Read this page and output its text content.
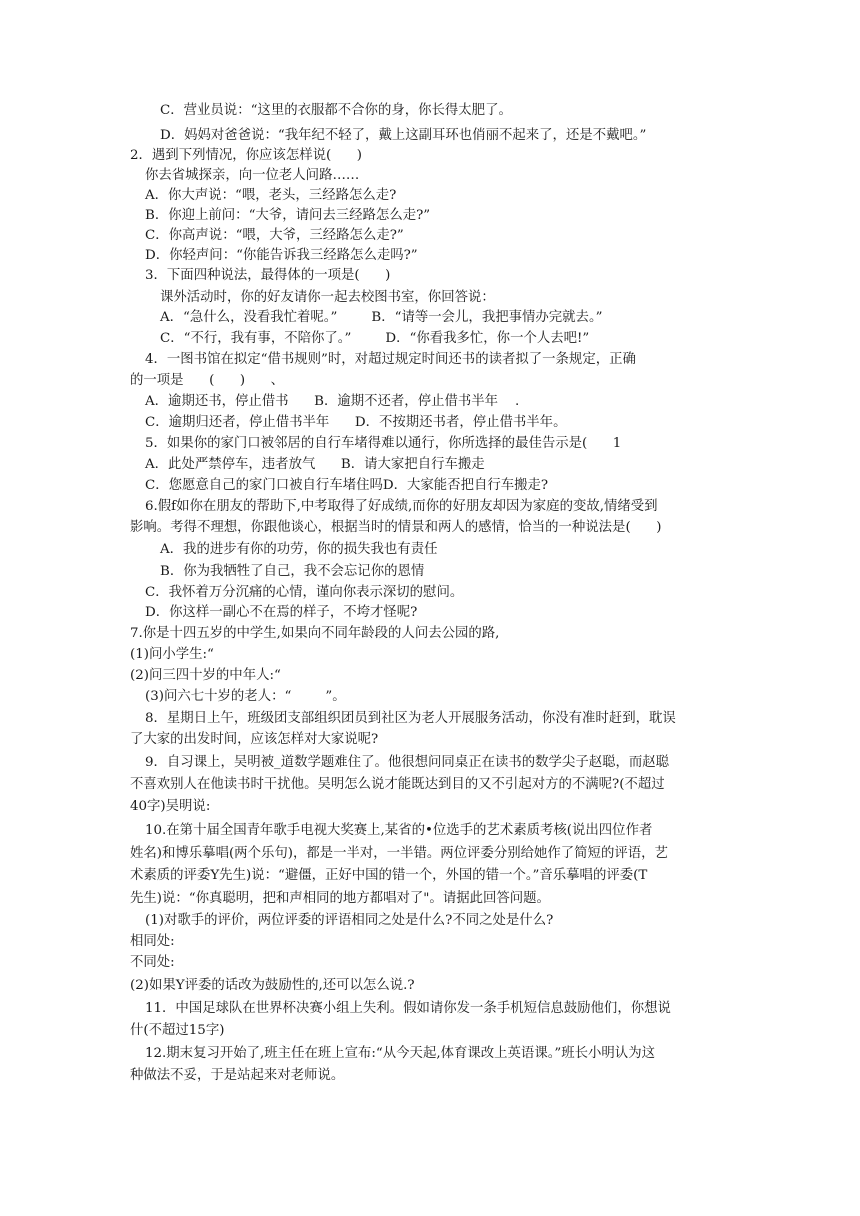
C．营业员说：“这里的衣服都不合你的身，你长得太肥了。
D．妈妈对爸爸说：“我年纪不轻了，戴上这副耳环也俏丽不起来了，还是不戴吧。”
2．遇到下列情况，你应该怎样说(      )
你去省城探亲，向一位老人问路……
A．你大声说：“喂，老头，三经路怎么走?
B．你迎上前问：“大爷，请问去三经路怎么走?”
C．你高声说：“喂，大爷，三经路怎么走?”
D．你轻声问：“你能告诉我三经路怎么走吗?”
3．下面四种说法，最得体的一项是(      )
课外活动时，你的好友请你一起去校图书室，你回答说：
A．“急什么，没看我忙着呢。”        B．“请等一会儿，我把事情办完就去。”
C．“不行，我有事，不陪你了。”        D．“你看我多忙，你一个人去吧!”
4．一图书馆在拟定“借书规则”时，对超过规定时间还书的读者拟了一条规定，正确
的一项是      (      )      、
A．逾期还书，停止借书      B．逾期不还者，停止借书半年    .
C．逾期归还者，停止借书半年      D．不按期还书者，停止借书半年。
5．如果你的家门口被邻居的自行车堵得难以通行，你所选择的最佳告示是(      1
A．此处严禁停车，违者放气      B．请大家把自行车搬走
C．您愿意自己的家门口被自行车堵住吗D．大家能否把自行车搬走?
6.假f如你在朋友的帮助下,中考取得了好成绩,而你的好朋友却因为家庭的变故,情绪受到
影响。考得不理想，你跟他谈心，根据当时的情景和两人的感情，恰当的一种说法是(      )
A．我的进步有你的功劳，你的损失我也有责任
B．你为我牺牲了自己，我不会忘记你的恩情
C．我怀着万分沉痛的心情，谨向你表示深切的慰问。
D．你这样一副心不在焉的样子，不垮才怪呢?
7.你是十四五岁的中学生,如果向不同年龄段的人问去公园的路,
(1)问小学生:“
(2)问三四十岁的中年人:“
(3)问六七十岁的老人：“        ”。
8．星期日上午，班级团支部组织团员到社区为老人开展服务活动，你没有准时赶到，耽误
了大家的出发时间，应该怎样对大家说呢?
9．自习课上，吴明被_道数学题难住了。他很想问同桌正在读书的数学尖子赵聪，而赵聪
不喜欢别人在他读书时干扰他。吴明怎么说才能既达到目的又不引起对方的不满呢?(不超过
40字)吴明说:
10.在第十届全国青年歌手电视大奖赛上,某省的•位选手的艺术素质考核(说出四位作者
姓名)和博乐摹唱(两个乐句)，都是一半对，一半错。两位评委分别给她作了简短的评语，艺
术素质的评委Y先生)说：“避僵，正好中国的错一个，外国的错一个。”音乐摹唱的评委(T
先生)说：“你真聪明，把和声相同的地方都唱对了"。请据此回答问题。
(1)对歌手的评价，两位评委的评语相同之处是什么?不同之处是什么?
相同处:
不同处:
(2)如果Y评委的话改为鼓励性的,还可以怎么说.?
11．中国足球队在世界杯决赛小组上失利。假如请你发一条手机短信息鼓励他们，你想说
什(不超过15字)
12.期末复习开始了,班主任在班上宣布:“从今天起,体育课改上英语课。”班长小明认为这
种做法不妥，于是站起来对老师说。
